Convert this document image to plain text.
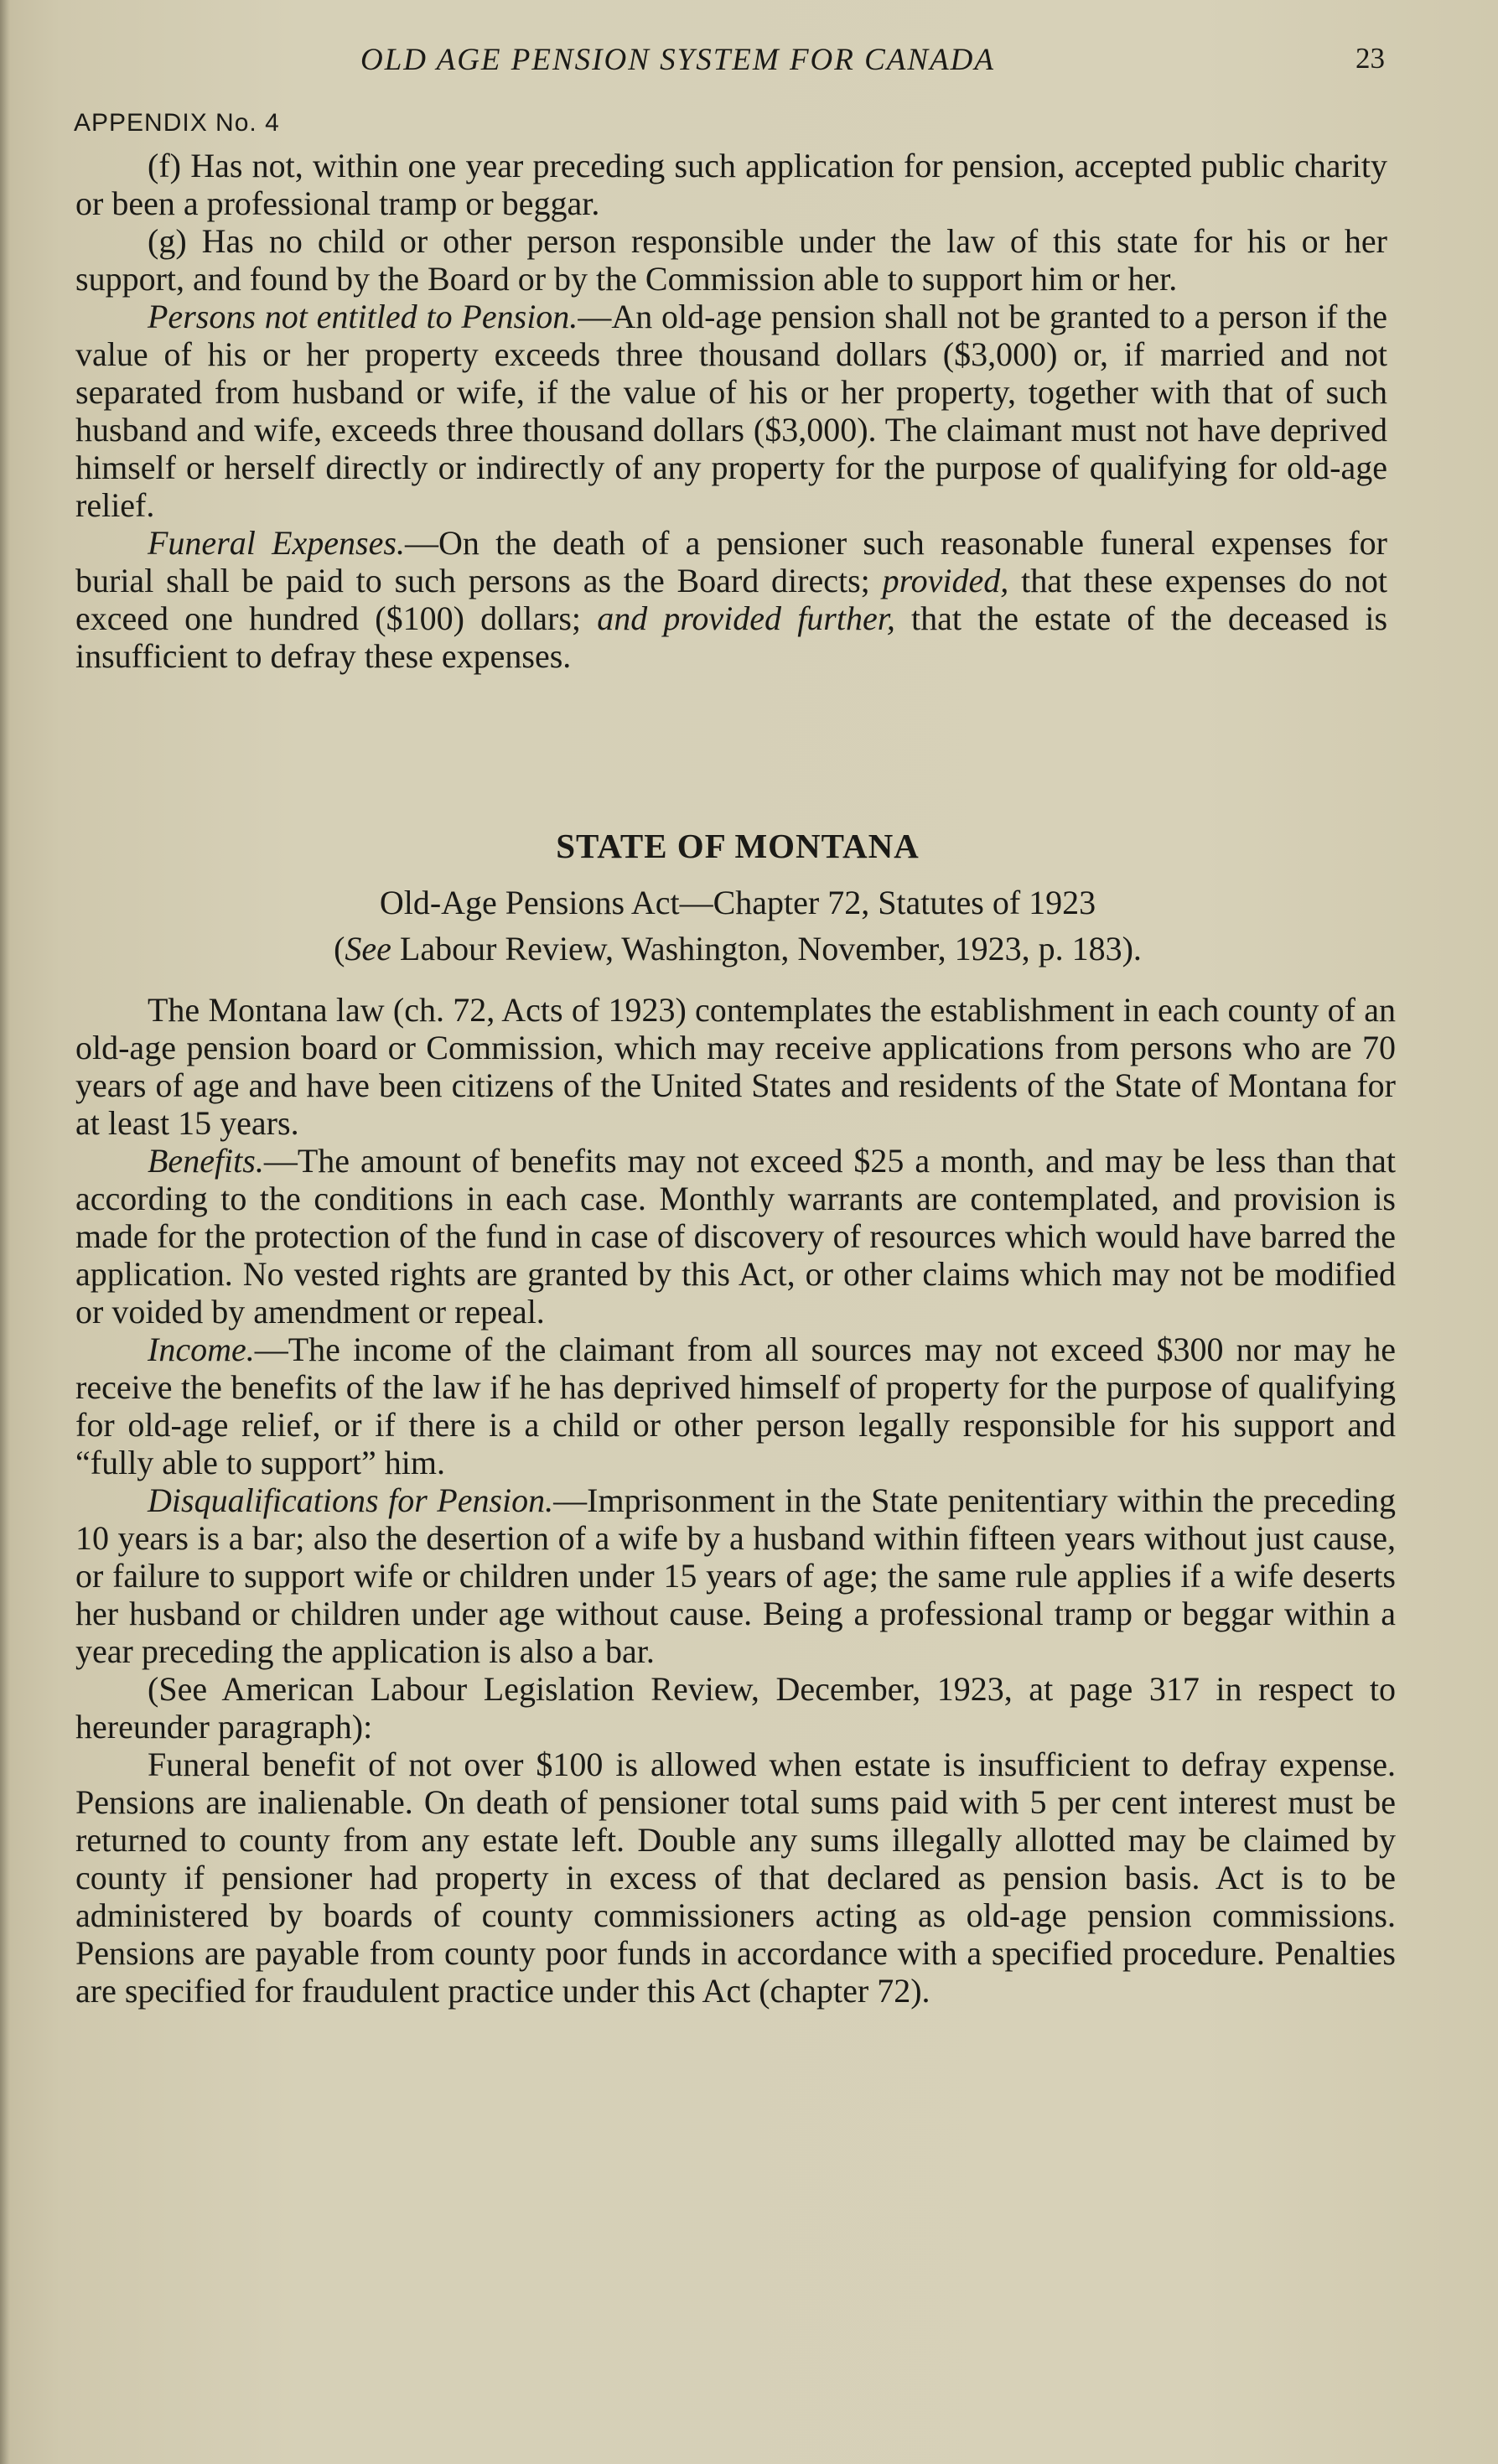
OLD AGE PENSION SYSTEM FOR CANADA	23
APPENDIX No. 4

(f) Has not, within one year preceding such application for pension, accepted public charity or been a professional tramp or beggar.

(g) Has no child or other person responsible under the law of this state for his or her support, and found by the Board or by the Commission able to support him or her.

Persons not entitled to Pension.—An old-age pension shall not be granted to a person if the value of his or her property exceeds three thousand dollars ($3,000) or, if married and not separated from husband or wife, if the value of his or her property, together with that of such husband and wife, exceeds three thousand dollars ($3,000). The claimant must not have deprived himself or herself directly or indirectly of any property for the purpose of qualifying for old-age relief.

Funeral Expenses.—On the death of a pensioner such reasonable funeral expenses for burial shall be paid to such persons as the Board directs; provided, that these expenses do not exceed one hundred ($100) dollars; and provided further, that the estate of the deceased is insufficient to defray these expenses.

STATE OF MONTANA
Old-Age Pensions Act—Chapter 72, Statutes of 1923
(See Labour Review, Washington, November, 1923, p. 183).

The Montana law (ch. 72, Acts of 1923) contemplates the establishment in each county of an old-age pension board or Commission, which may receive applications from persons who are 70 years of age and have been citizens of the United States and residents of the State of Montana for at least 15 years.

Benefits.—The amount of benefits may not exceed $25 a month, and may be less than that according to the conditions in each case. Monthly warrants are contemplated, and provision is made for the protection of the fund in case of discovery of resources which would have barred the application. No vested rights are granted by this Act, or other claims which may not be modified or voided by amendment or repeal.

Income.—The income of the claimant from all sources may not exceed $300 nor may he receive the benefits of the law if he has deprived himself of property for the purpose of qualifying for old-age relief, or if there is a child or other person legally responsible for his support and “fully able to support” him.

Disqualifications for Pension.—Imprisonment in the State penitentiary within the preceding 10 years is a bar; also the desertion of a wife by a husband within fifteen years without just cause, or failure to support wife or children under 15 years of age; the same rule applies if a wife deserts her husband or children under age without cause. Being a professional tramp or beggar within a year preceding the application is also a bar.

(See American Labour Legislation Review, December, 1923, at page 317 in respect to hereunder paragraph):

Funeral benefit of not over $100 is allowed when estate is insufficient to defray expense. Pensions are inalienable. On death of pensioner total sums paid with 5 per cent interest must be returned to county from any estate left. Double any sums illegally allotted may be claimed by county if pensioner had property in excess of that declared as pension basis. Act is to be administered by boards of county commissioners acting as old-age pension commissions. Pensions are payable from county poor funds in accordance with a specified procedure. Penalties are specified for fraudulent practice under this Act (chapter 72).
